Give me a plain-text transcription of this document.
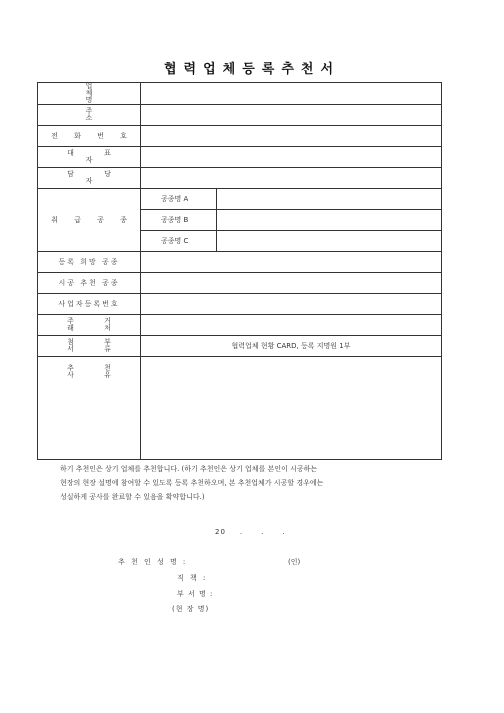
협력업체등록추천서
업 체 명		
주 소		
전 화 번 호		
대 표 자		
담 당 자		
취 급 공 종	공종명 A	
	공종명 B	
	공종명 C	
등록 희망 공종		
시공 추천 공종		
사업자등록번호		
주 거 래 처		
첨 부 서 류	협력업체 현황 CARD, 등록 지명원 1부	
추 천 사 유		
하기 추천인은 상기 업체를 추천합니다. (하기 추천인은 상기 업체를 본인이 시공하는
현장의 현장 설명에 참여할 수 있도록 등록 추천하오며, 본 추천업체가 시공할 경우에는
성실하게 공사를 완료할 수 있음을 확약합니다.)
20 .	.	.
추 천 인 성 명 :	(인)
직 책 :
부 서 명 :
(현 장 명)
